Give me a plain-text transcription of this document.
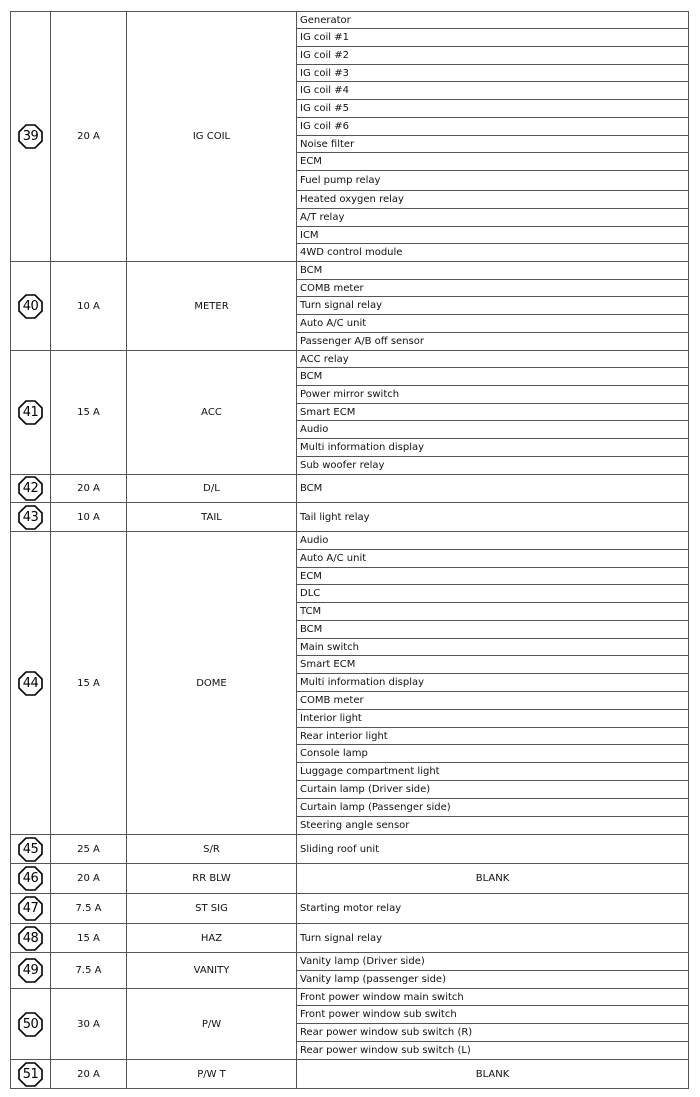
39	20 A	IG COIL	Generator
			IG coil #1
			IG coil #2
			IG coil #3
			IG coil #4
			IG coil #5
			IG coil #6
			Noise filter
			ECM
			Fuel pump relay
			Heated oxygen relay
			A/T relay
			ICM
			4WD control module

40	10 A	METER	BCM
			COMB meter
			Turn signal relay
			Auto A/C unit
			Passenger A/B off sensor

41	15 A	ACC	ACC relay
			BCM
			Power mirror switch
			Smart ECM
			Audio
			Multi information display
			Sub woofer relay

42	20 A	D/L	BCM

43	10 A	TAIL	Tail light relay

44	15 A	DOME	Audio
			Auto A/C unit
			ECM
			DLC
			TCM
			BCM
			Main switch
			Smart ECM
			Multi information display
			COMB meter
			Interior light
			Rear interior light
			Console lamp
			Luggage compartment light
			Curtain lamp (Driver side)
			Curtain lamp (Passenger side)
			Steering angle sensor

45	25 A	S/R	Sliding roof unit

46	20 A	RR BLW	BLANK

47	7.5 A	ST SIG	Starting motor relay

48	15 A	HAZ	Turn signal relay

49	7.5 A	VANITY	Vanity lamp (Driver side)
			Vanity lamp (passenger side)

50	30 A	P/W	Front power window main switch
			Front power window sub switch
			Rear power window sub switch (R)
			Rear power window sub switch (L)

51	20 A	P/W T	BLANK
